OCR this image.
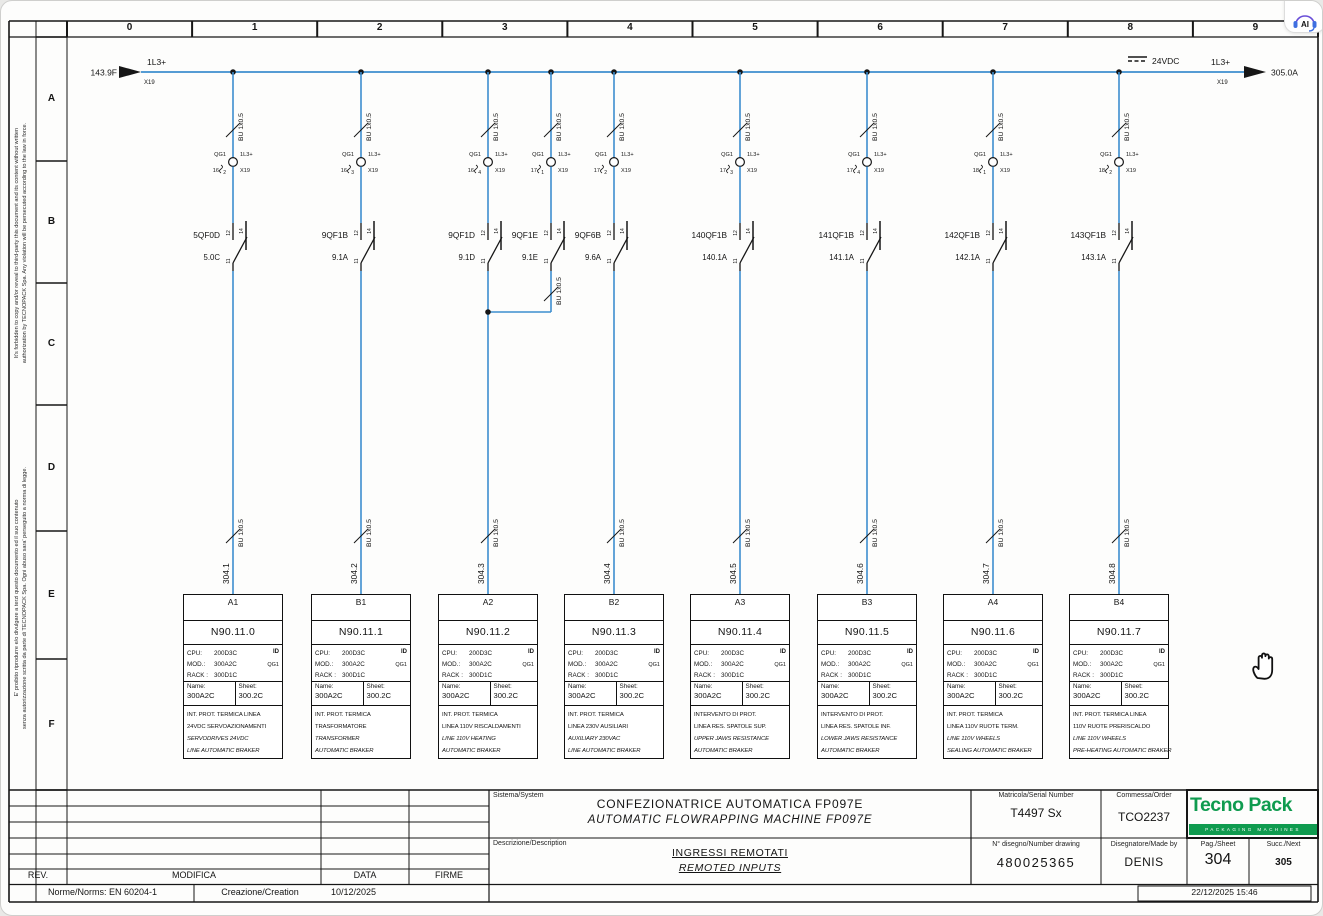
143.9F
1L3+
X19
305.0A
1L3+
X19
24VDC
BU 1x0.5
QG1
16 2
1L3+
X19
12 14
11
5QF0D
5.0C
BU 1x0.5
QG1
16 3
1L3+
X19
12 14
11
9QF1B
9.1A
BU 1x0.5
QG1
16 4
1L3+
X19
12 14
11
9QF1D
9.1D
BU 1x0.5
QG1
17 1
1L3+
X19
12 14
11
9QF1E
9.1E
BU 1x0.5
BU 1x0.5
QG1
17 2
1L3+
X19
12 14
11
9QF6B
9.6A
BU 1x0.5
QG1
17 3
1L3+
X19
12 14
11
140QF1B
140.1A
BU 1x0.5
QG1
17 4
1L3+
X19
12 14
11
141QF1B
141.1A
BU 1x0.5
QG1
18 1
1L3+
X19
12 14
11
142QF1B
142.1A
BU 1x0.5
QG1
18 2
1L3+
X19
12 14
11
143QF1B
143.1A
BU 1x0.5
304.1
BU 1x0.5
304.2
BU 1x0.5
304.3
BU 1x0.5
304.4
BU 1x0.5
304.5
BU 1x0.5
304.6
BU 1x0.5
304.7
BU 1x0.5
304.8
0	1	2	3	4	5	6	7	8	9
A
B
C
D
E
F
A1
N90.11.0
CPU: 200D3C
MOD.: 300A2C
RACK : 300D1C
ID
QG1
Name:
300A2C
Sheet:
300.2C
INT. PROT. TERMICA LINEA
24VDC SERVOAZIONAMENTI
SERVODRIVES 24VDC
LINE AUTOMATIC BRAKER
B1
N90.11.1
CPU: 200D3C
MOD.: 300A2C
RACK : 300D1C
ID
QG1
Name:
300A2C
Sheet:
300.2C
INT. PROT. TERMICA
TRASFORMATORE
TRANSFORMER
AUTOMATIC BRAKER
A2
N90.11.2
CPU: 200D3C
MOD.: 300A2C
RACK : 300D1C
ID
QG1
Name:
300A2C
Sheet:
300.2C
INT. PROT. TERMICA
LINEA 110V RISCALDAMENTI
LINE 110V HEATING
AUTOMATIC BRAKER
B2
N90.11.3
CPU: 200D3C
MOD.: 300A2C
RACK : 300D1C
ID
QG1
Name:
300A2C
Sheet:
300.2C
INT. PROT. TERMICA
LINEA 230V AUSILIARI
AUXILIARY 230VAC
LINE AUTOMATIC BRAKER
A3
N90.11.4
CPU: 200D3C
MOD.: 300A2C
RACK : 300D1C
ID
QG1
Name:
300A2C
Sheet:
300.2C
INTERVENTO DI PROT.
LINEA RES. SPATOLE SUP.
UPPER JAWS RESISTANCE
AUTOMATIC BRAKER
B3
N90.11.5
CPU: 200D3C
MOD.: 300A2C
RACK : 300D1C
ID
QG1
Name:
300A2C
Sheet:
300.2C
INTERVENTO DI PROT.
LINEA RES. SPATOLE INF.
LOWER JAWS RESISTANCE
AUTOMATIC BRAKER
A4
N90.11.6
CPU: 200D3C
MOD.: 300A2C
RACK : 300D1C
ID
QG1
Name:
300A2C
Sheet:
300.2C
INT. PROT. TERMICA
LINEA 110V RUOTE TERM.
LINE 110V WHEELS
SEALING AUTOMATIC BRAKER
B4
N90.11.7
CPU: 200D3C
MOD.: 300A2C
RACK : 300D1C
ID
QG1
Name:
300A2C
Sheet:
300.2C
INT. PROT. TERMICA LINEA
110V RUOTE PRERISCALDO
LINE 110V WHEELS
PRE-HEATING AUTOMATIC BRAKER
It's forbidden to copy and/or reveal to third-party this document and its content without written authorization by TECNOPACK Spa. Any violation will be persecuted according to the law in force.
E' proibito riprodurre e/o divulgare a terzi questo documento ed il suo contenuto senza autorizzazione scritta da parte di TECNOPACK Spa. Ogni abuso sara' perseguito a norma di legge.
Sistema/System
CONFEZIONATRICE AUTOMATICA FP097E
AUTOMATIC FLOWRAPPING MACHINE FP097E
Descrizione/Description
INGRESSI REMOTATI
REMOTED INPUTS
Matricola/Serial Number
T4497 Sx
Commessa/Order
TCO2237
Tecno Pack
PACKAGING MACHINES
N° disegno/Number drawing
480025365
Disegnatore/Made by
DENIS
Pag./Sheet
304
Succ./Next
305
REV.	MODIFICA	DATA	FIRME
Norme/Norms: EN 60204-1	Creazione/Creation	10/12/2025	22/12/2025 15:46
AI
